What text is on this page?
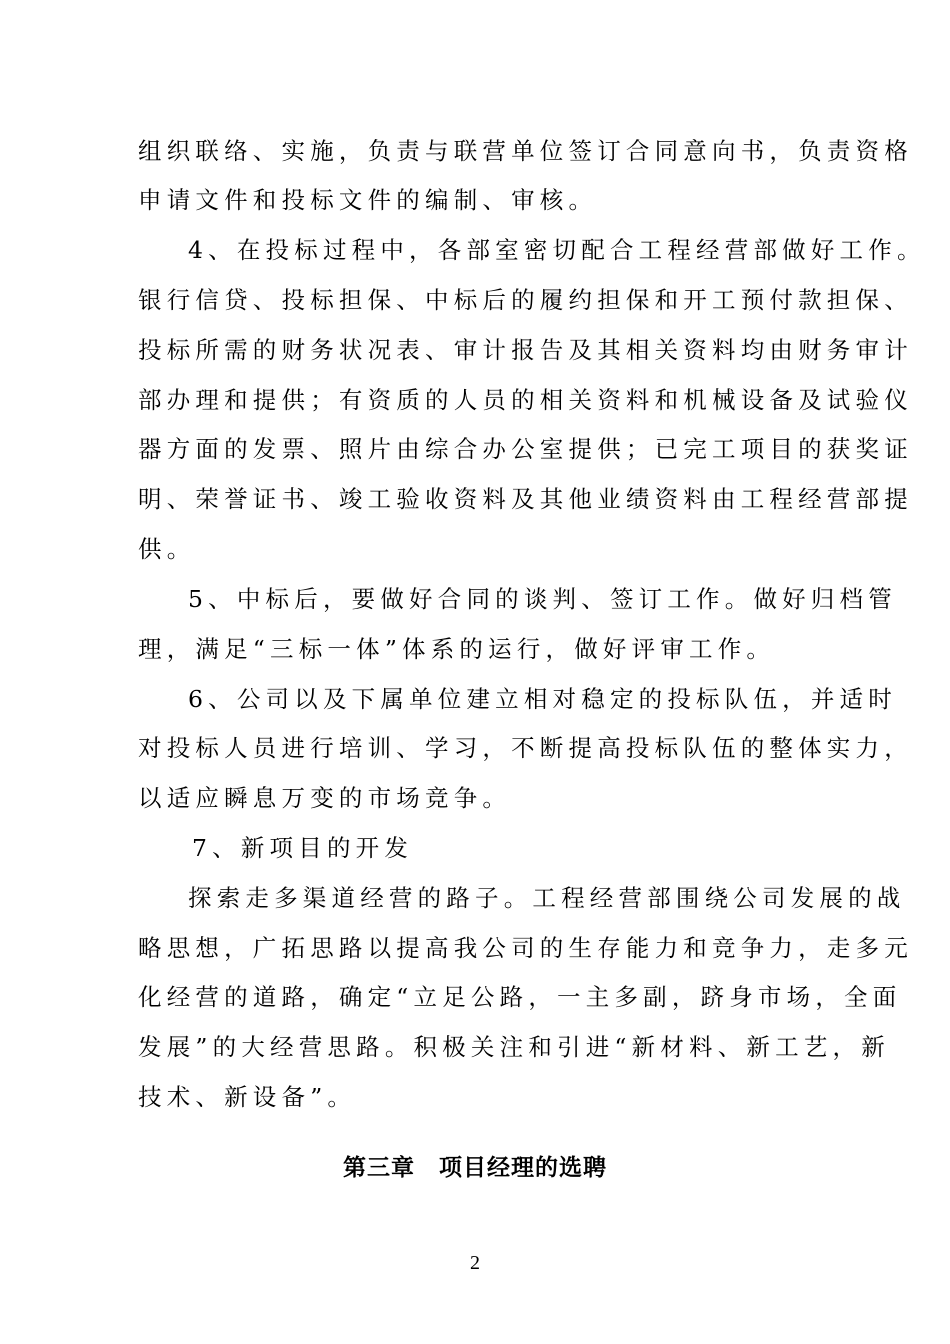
组织联络、实施，负责与联营单位签订合同意向书，负责资格
申请文件和投标文件的编制、审核。
4、在投标过程中，各部室密切配合工程经营部做好工作。
银行信贷、投标担保、中标后的履约担保和开工预付款担保、
投标所需的财务状况表、审计报告及其相关资料均由财务审计
部办理和提供；有资质的人员的相关资料和机械设备及试验仪
器方面的发票、照片由综合办公室提供；已完工项目的获奖证
明、荣誉证书、竣工验收资料及其他业绩资料由工程经营部提
供。
5、中标后，要做好合同的谈判、签订工作。做好归档管
理，满足“三标一体”体系的运行，做好评审工作。
6、公司以及下属单位建立相对稳定的投标队伍，并适时
对投标人员进行培训、学习，不断提高投标队伍的整体实力，
以适应瞬息万变的市场竞争。
7、新项目的开发
探索走多渠道经营的路子。工程经营部围绕公司发展的战
略思想，广拓思路以提高我公司的生存能力和竞争力，走多元
化经营的道路，确定“立足公路，一主多副，跻身市场，全面
发展”的大经营思路。积极关注和引进“新材料、新工艺，新
技术、新设备”。
第三章　项目经理的选聘
2
